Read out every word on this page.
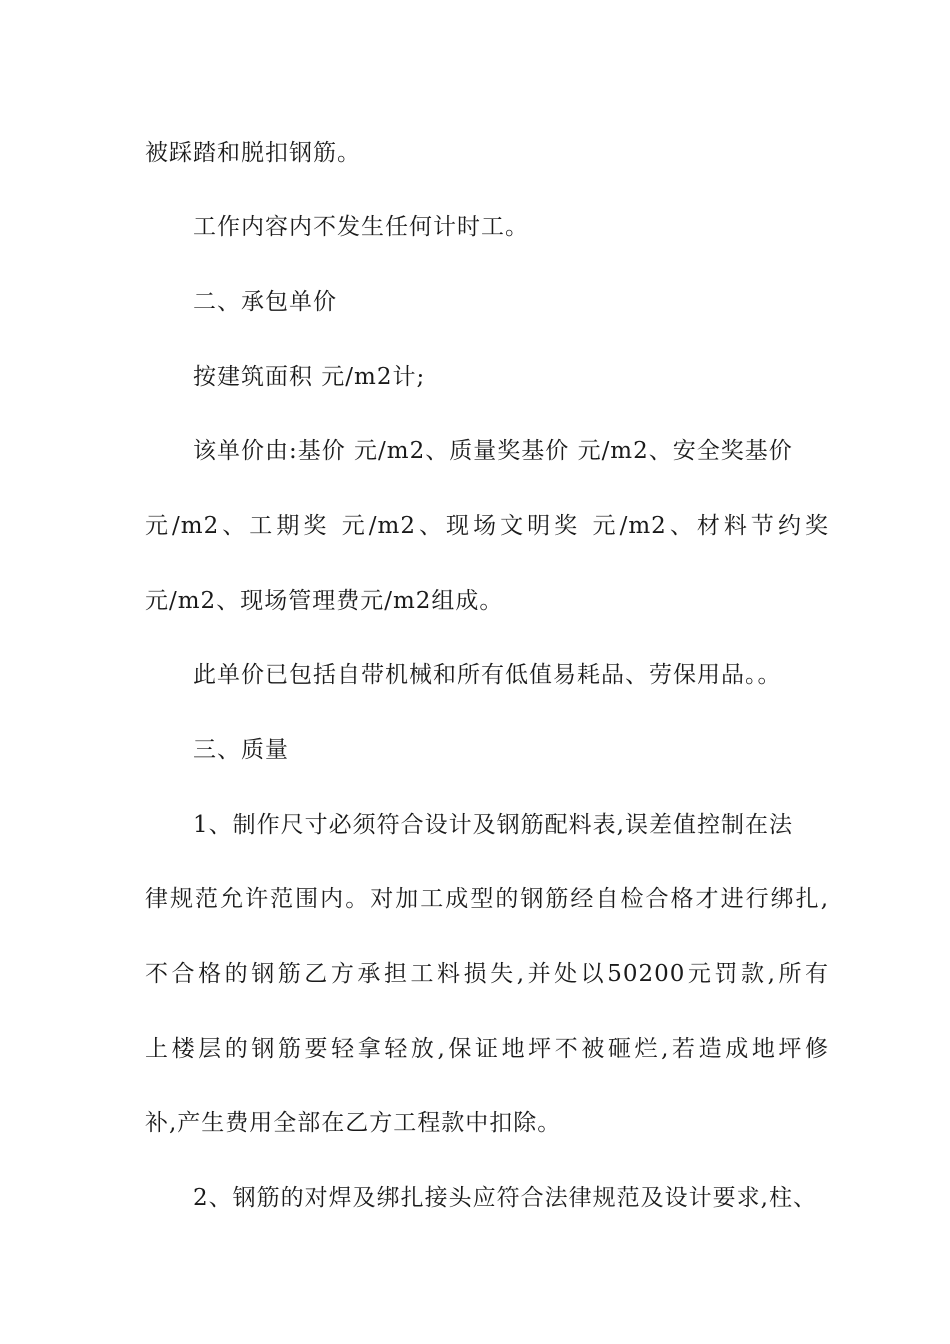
被踩踏和脱扣钢筋。
工作内容内不发生任何计时工。
二、承包单价
按建筑面积 元/m2计;
该单价由:基价 元/m2、质量奖基价 元/m2、安全奖基价
元/m2、工期奖 元/m2、现场文明奖 元/m2、材料节约奖
元/m2、现场管理费元/m2组成。
此单价已包括自带机械和所有低值易耗品、劳保用品。。
三、质量
1、制作尺寸必须符合设计及钢筋配料表,误差值控制在法
律规范允许范围内。对加工成型的钢筋经自检合格才进行绑扎,
不合格的钢筋乙方承担工料损失,并处以50200元罚款,所有
上楼层的钢筋要轻拿轻放,保证地坪不被砸烂,若造成地坪修
补,产生费用全部在乙方工程款中扣除。
2、钢筋的对焊及绑扎接头应符合法律规范及设计要求,柱、
